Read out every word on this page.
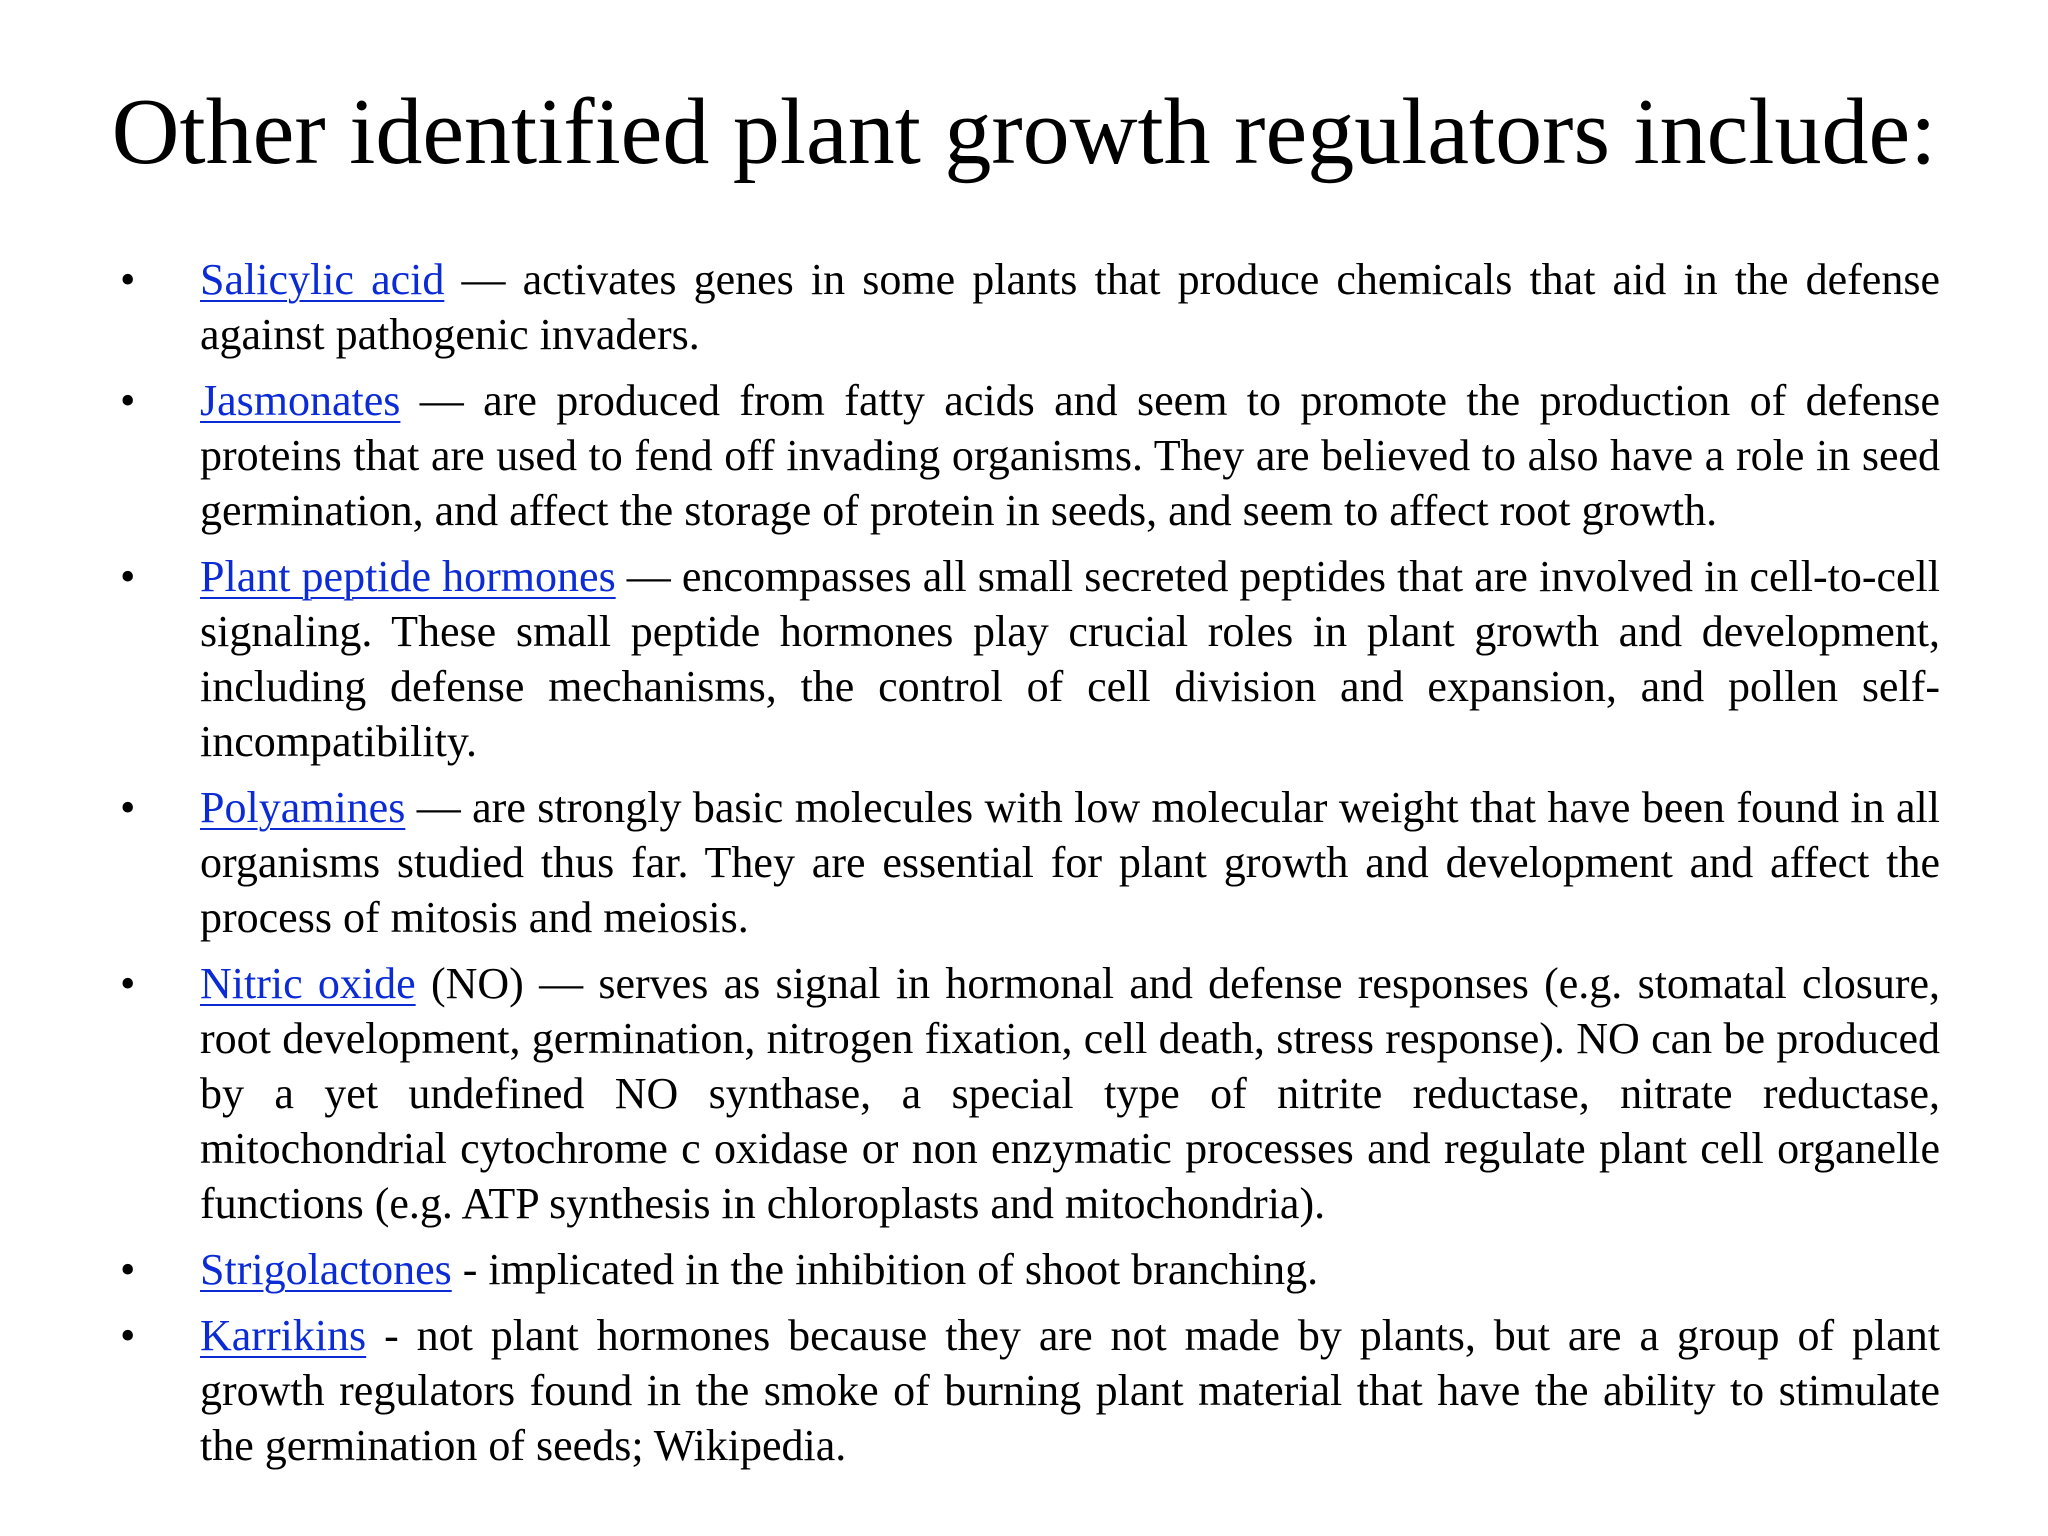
Other identified plant growth regulators include:
•	Salicylic acid — activates genes in some plants that produce chemicals that aid in the defense against pathogenic invaders.
•	Jasmonates — are produced from fatty acids and seem to promote the production of defense proteins that are used to fend off invading organisms. They are believed to also have a role in seed germination, and affect the storage of protein in seeds, and seem to affect root growth.
•	Plant peptide hormones — encompasses all small secreted peptides that are involved in cell-to-cell signaling. These small peptide hormones play crucial roles in plant growth and development, including defense mechanisms, the control of cell division and expansion, and pollen self-incompatibility.
•	Polyamines — are strongly basic molecules with low molecular weight that have been found in all organisms studied thus far. They are essential for plant growth and development and affect the process of mitosis and meiosis.
•	Nitric oxide (NO) — serves as signal in hormonal and defense responses (e.g. stomatal closure, root development, germination, nitrogen fixation, cell death, stress response). NO can be produced by a yet undefined NO synthase, a special type of nitrite reductase, nitrate reductase, mitochondrial cytochrome c oxidase or non enzymatic processes and regulate plant cell organelle functions (e.g. ATP synthesis in chloroplasts and mitochondria).
•	Strigolactones - implicated in the inhibition of shoot branching.
•	Karrikins - not plant hormones because they are not made by plants, but are a group of plant growth regulators found in the smoke of burning plant material that have the ability to stimulate the germination of seeds; Wikipedia.
